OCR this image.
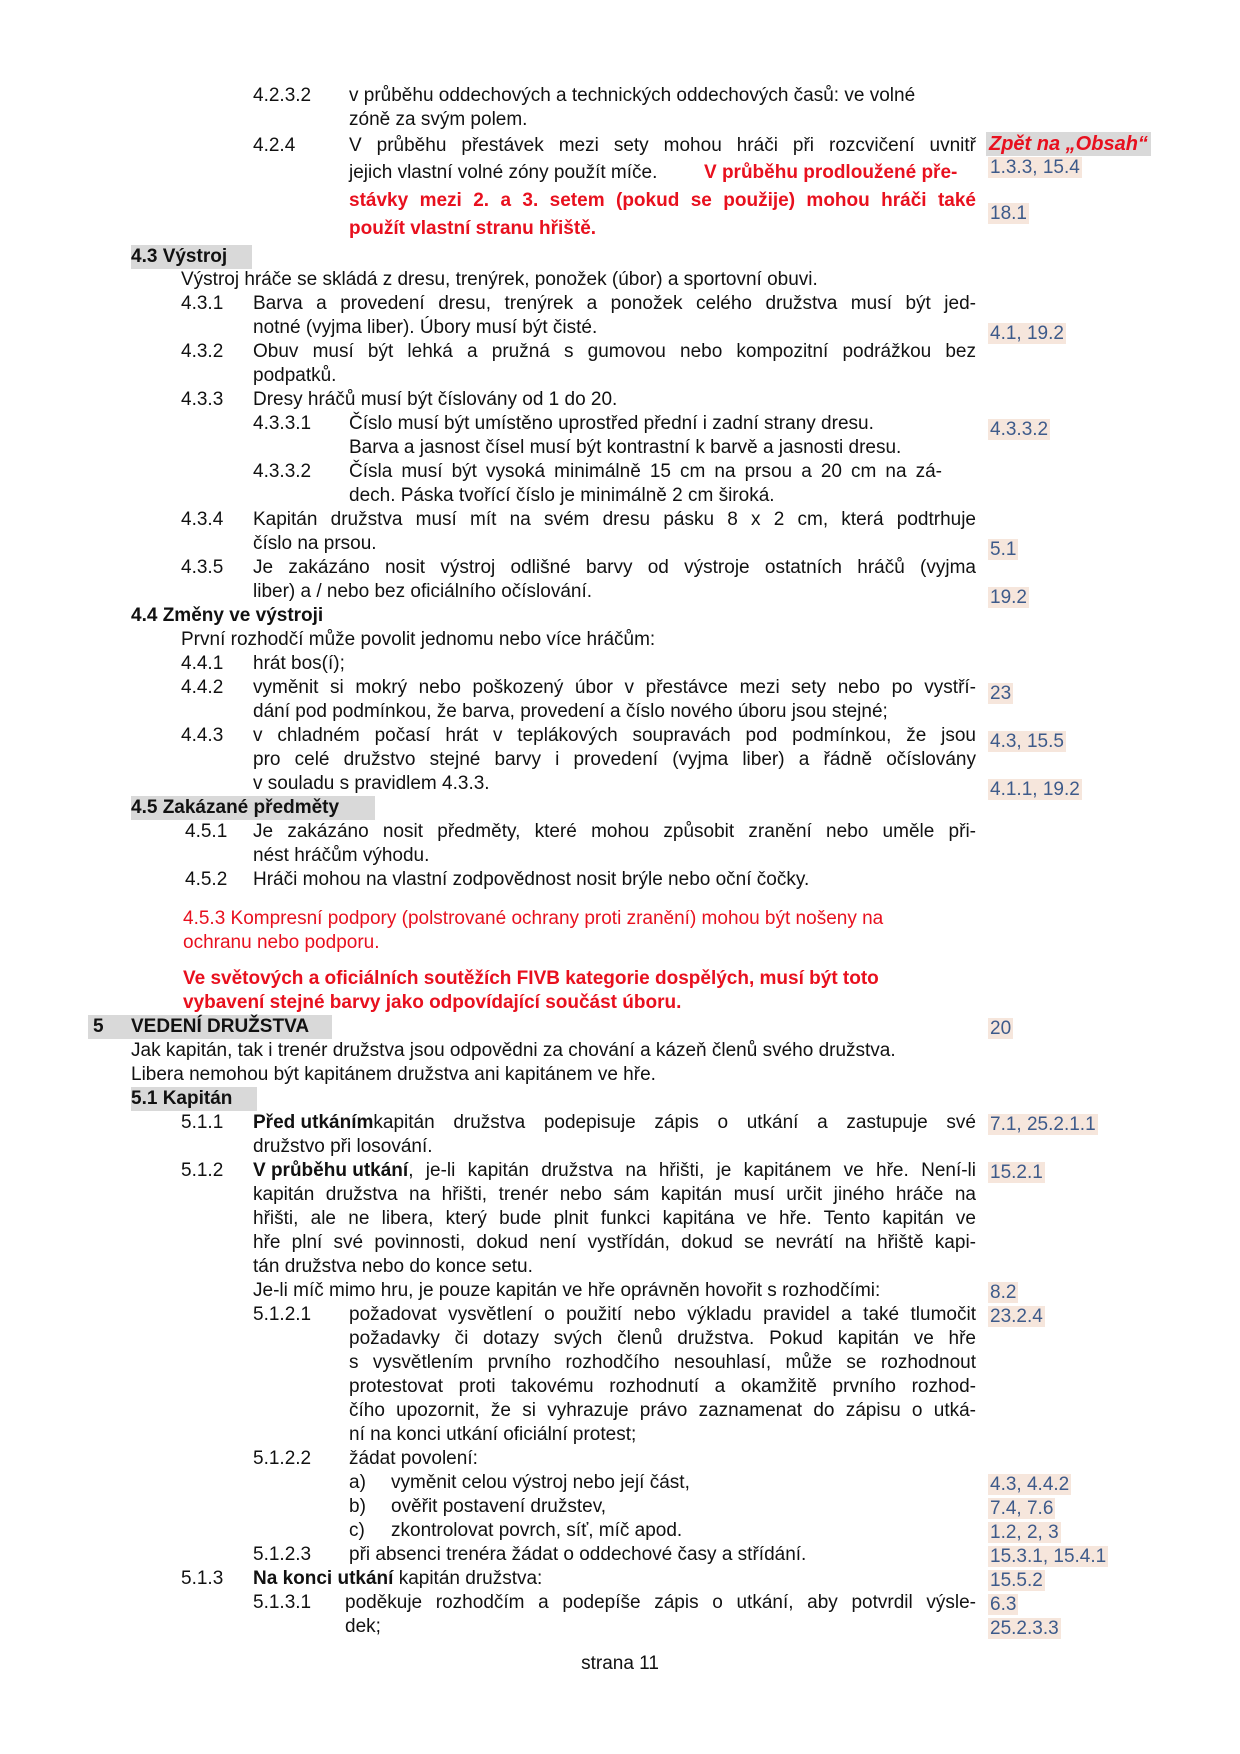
4.2.3.2 v průběhu oddechových a technických oddechových časů: ve volné
zóně za svým polem.
4.2.4	V průběhu přestávek mezi sety mohou hráči při rozcvičení uvnitř
jejich vlastní volné zóny použít míče. V průběhu prodloužené pře-
stávky mezi 2. a 3. setem (pokud se použije) mohou hráči také
použít vlastní stranu hřiště.
4.3 Výstroj
Výstroj hráče se skládá z dresu, trenýrek, ponožek (úbor) a sportovní obuvi.
4.3.1 Barva a provedení dresu, trenýrek a ponožek celého družstva musí být jed-
notné (vyjma liber). Úbory musí být čisté.
4.3.2 Obuv musí být lehká a pružná s gumovou nebo kompozitní podrážkou bez
podpatků.
4.3.3 Dresy hráčů musí být číslovány od 1 do 20.
4.3.3.1 Číslo musí být umístěno uprostřed přední i zadní strany dresu.
Barva a jasnost čísel musí být kontrastní k barvě a jasnosti dresu.
4.3.3.2 Čísla musí být vysoká minimálně 15 cm na prsou a 20 cm na zá-
dech. Páska tvořící číslo je minimálně 2 cm široká.
4.3.4 Kapitán družstva musí mít na svém dresu pásku 8 x 2 cm, která podtrhuje
číslo na prsou.
4.3.5 Je zakázáno nosit výstroj odlišné barvy od výstroje ostatních hráčů (vyjma
liber) a / nebo bez oficiálního očíslování.
4.4 Změny ve výstroji
První rozhodčí může povolit jednomu nebo více hráčům:
4.4.1 hrát bos(í);
4.4.2 vyměnit si mokrý nebo poškozený úbor v přestávce mezi sety nebo po vystří-
dání pod podmínkou, že barva, provedení a číslo nového úboru jsou stejné;
4.4.3 v chladném počasí hrát v teplákových soupravách pod podmínkou, že jsou
pro celé družstvo stejné barvy i provedení (vyjma liber) a řádně očíslovány
v souladu s pravidlem 4.3.3.
4.5 Zakázané předměty
4.5.1 Je zakázáno nosit předměty, které mohou způsobit zranění nebo uměle při-
nést hráčům výhodu.
4.5.2 Hráči mohou na vlastní zodpovědnost nosit brýle nebo oční čočky.
4.5.3 Kompresní podpory (polstrované ochrany proti zranění) mohou být nošeny na
ochranu nebo podporu.
Ve světových a oficiálních soutěžích FIVB kategorie dospělých, musí být toto
vybavení stejné barvy jako odpovídající součást úboru.
5 VEDENÍ DRUŽSTVA
Jak kapitán, tak i trenér družstva jsou odpovědni za chování a kázeň členů svého družstva.
Libera nemohou být kapitánem družstva ani kapitánem ve hře.
5.1 Kapitán
5.1.1 Před utkáním kapitán družstva podepisuje zápis o utkání a zastupuje své
družstvo při losování.
5.1.2 V průběhu utkání , je-li kapitán družstva na hřišti, je kapitánem ve hře. Není-li
kapitán družstva na hřišti, trenér nebo sám kapitán musí určit jiného hráče na
hřišti, ale ne libera, který bude plnit funkci kapitána ve hře. Tento kapitán ve
hře plní své povinnosti, dokud není vystřídán, dokud se nevrátí na hřiště kapi-
tán družstva nebo do konce setu.
Je-li míč mimo hru, je pouze kapitán ve hře oprávněn hovořit s rozhodčími:
5.1.2.1 požadovat vysvětlení o použití nebo výkladu pravidel a také tlumočit
požadavky či dotazy svých členů družstva. Pokud kapitán ve hře
s vysvětlením prvního rozhodčího nesouhlasí, může se rozhodnout
protestovat proti takovému rozhodnutí a okamžitě prvního rozhod-
čího upozornit, že si vyhrazuje právo zaznamenat do zápisu o utká-
ní na konci utkání oficiální protest;
5.1.2.2 žádat povolení:
a) vyměnit celou výstroj nebo její část,
b) ověřit postavení družstev,
c) zkontrolovat povrch, síť, míč apod.
5.1.2.3 při absenci trenéra žádat o oddechové časy a střídání.
5.1.3 Na konci utkání kapitán družstva:
5.1.3.1 poděkuje rozhodčím a podepíše zápis o utkání, aby potvrdil výsle-
dek;
Zpět na „Obsah“
1.3.3, 15.4
18.1
4.1, 19.2
4.3.3.2
5.1
19.2
23
4.3, 15.5
4.1.1, 19.2
20
7.1, 25.2.1.1
15.2.1
8.2
23.2.4
4.3, 4.4.2
7.4, 7.6
1.2, 2, 3
15.3.1, 15.4.1
15.5.2
6.3
25.2.3.3
strana 11
